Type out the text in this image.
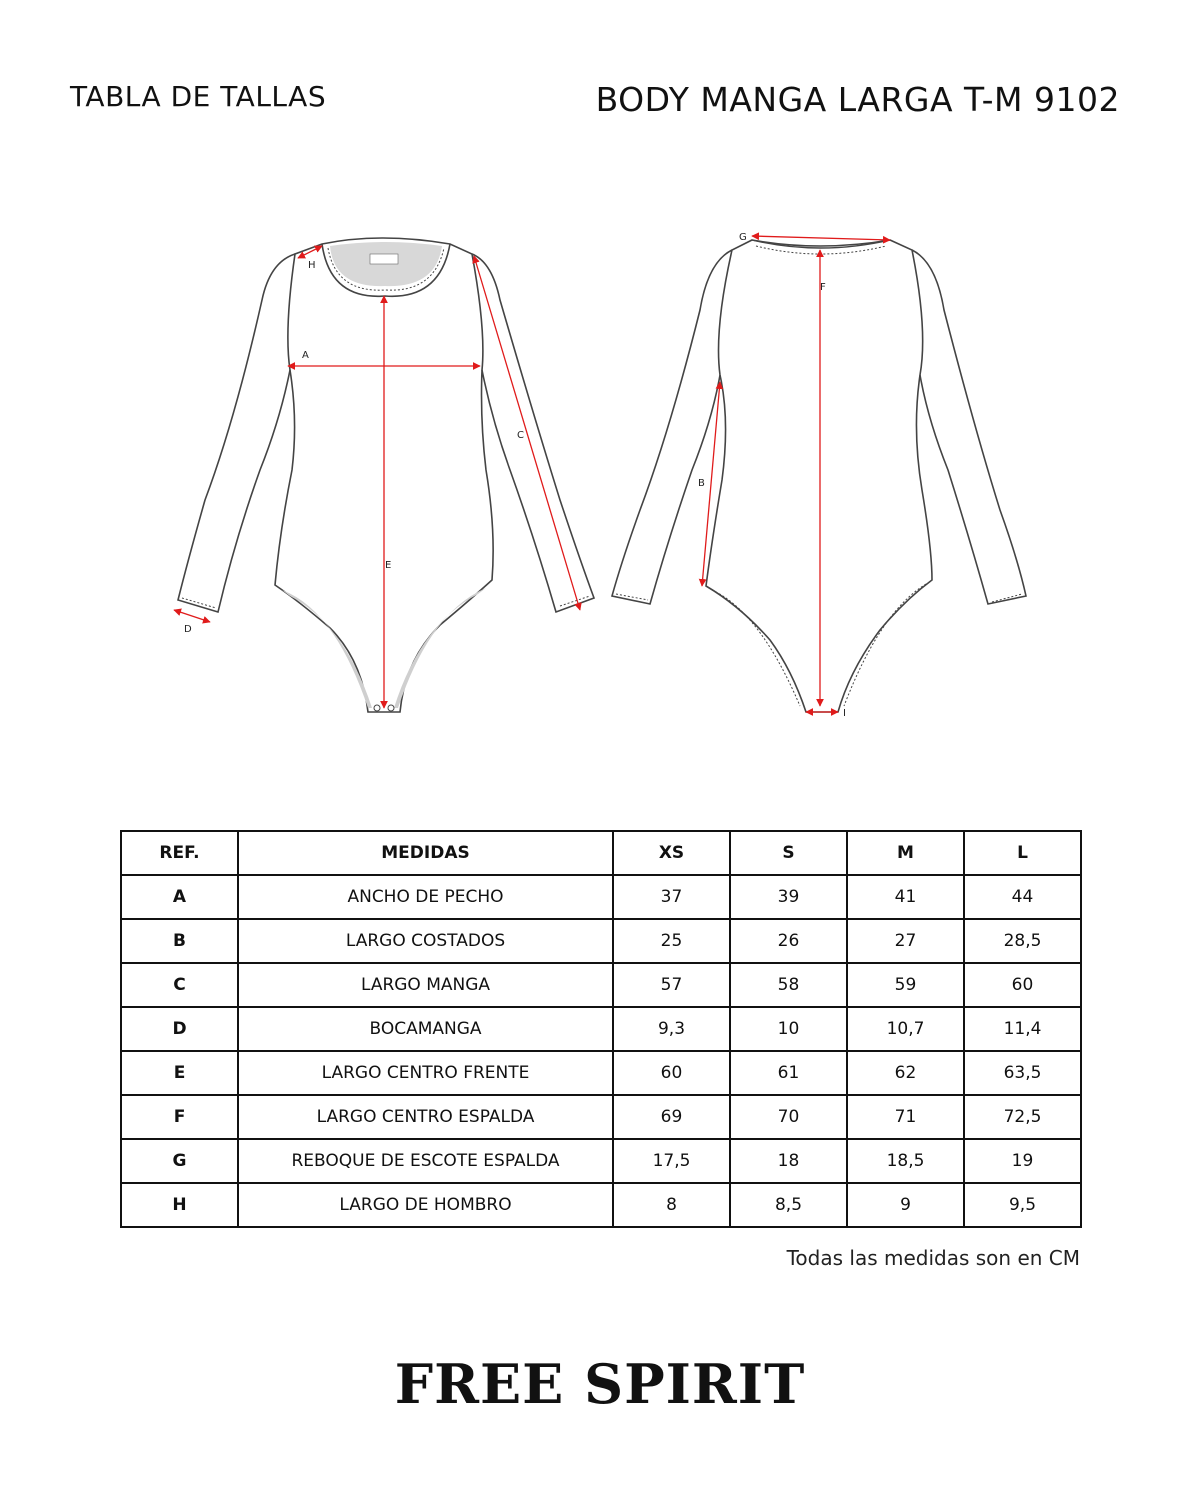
TABLA DE TALLAS	BODY MANGA LARGA T-M 9102
A
E
C
H
D
G
F
B
I
REF.	MEDIDAS	XS	S	M	L
A	ANCHO DE PECHO	37	39	41	44
B	LARGO COSTADOS	25	26	27	28,5
C	LARGO MANGA	57	58	59	60
D	BOCAMANGA	9,3	10	10,7	11,4
E	LARGO CENTRO FRENTE	60	61	62	63,5
F	LARGO CENTRO ESPALDA	69	70	71	72,5
G	REBOQUE DE ESCOTE ESPALDA	17,5	18	18,5	19
H	LARGO DE HOMBRO	8	8,5	9	9,5
Todas las medidas son en CM
FREE SPIRIT
